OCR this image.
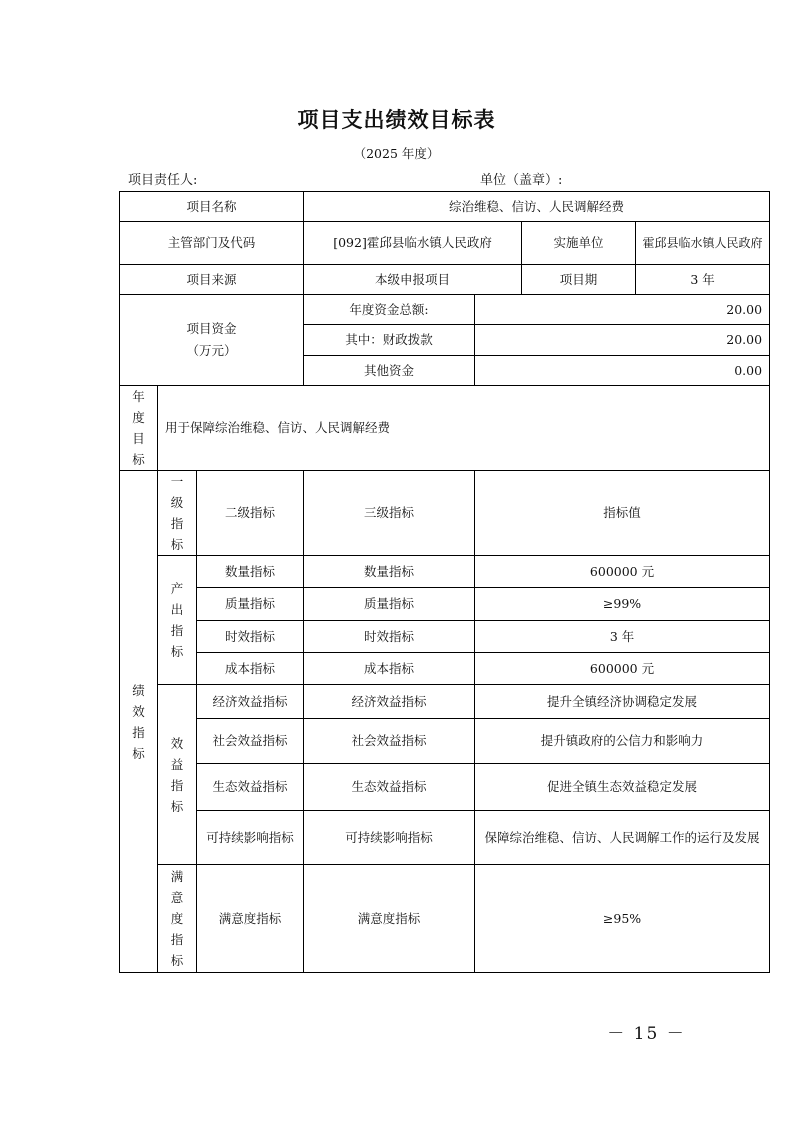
项目支出绩效目标表
（2025 年度）
项目责任人:	单位（盖章）:
项目名称			综治维稳、信访、人民调解经费			
主管部门及代码			[092]霍邱县临水镇人民政府		实施单位	霍邱县临水镇人民政府
项目来源			本级申报项目		项目期	3 年
项目资金（万元）			年度资金总额:	20.00		
			其中：财政拨款	20.00		
			其他资金	0.00		
年度目标	用于保障综治维稳、信访、人民调解经费					
绩效指标	一级指标	二级指标	三级指标	指标值		
	产出指标	数量指标	数量指标	600000 元		
		质量指标	质量指标	≥99%		
		时效指标	时效指标	3 年		
		成本指标	成本指标	600000 元		
	效益指标	经济效益指标	经济效益指标	提升全镇经济协调稳定发展		
		社会效益指标	社会效益指标	提升镇政府的公信力和影响力		
		生态效益指标	生态效益指标	促进全镇生态效益稳定发展		
		可持续影响指标	可持续影响指标	保障综治维稳、信访、人民调解工作的运行及发展		
	满意度指标	满意度指标	满意度指标	≥95%		
－ 15 －
